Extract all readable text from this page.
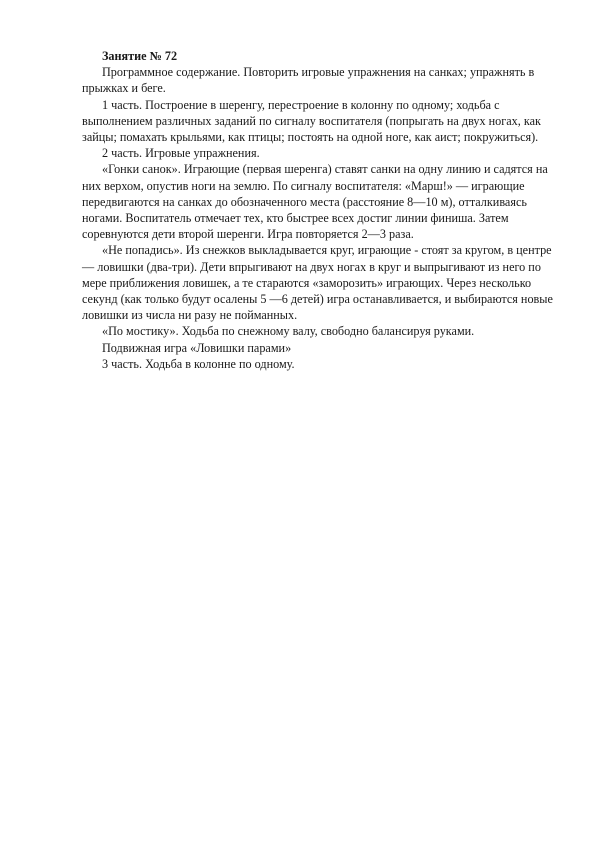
Занятие № 72

Программное содержание. Повторить игровые упражнения на санках; упражнять в прыжках и беге.

1 часть. Построение в шеренгу, перестроение в колонну по одному; ходьба с выполнением различных заданий по сигналу воспитателя (попрыгать на двух ногах, как зайцы; помахать крыльями, как птицы; постоять на одной ноге, как аист; покружиться).

2 часть. Игровые упражнения.

«Гонки санок». Играющие (первая шеренга) ставят санки на одну линию и садятся на них верхом, опустив ноги на землю. По сигналу воспитателя: «Марш!» — играющие передвигаются на санках до обозначенного места (расстояние 8—10 м), отталкиваясь ногами. Воспитатель отмечает тех, кто быстрее всех достиг линии финиша. Затем соревнуются дети второй шеренги. Игра повторяется 2—3 раза.

«Не попадись». Из снежков выкладывается круг, играющие - стоят за кругом, в центре — ловишки (два-три). Дети впрыгивают на двух ногах в круг и выпрыгивают из него по мере приближения ловишек, а те стараются «заморозить» играющих. Через несколько секунд (как только будут осалены 5 —6 детей) игра останавливается, и выбираются новые ловишки из числа ни разу не пойманных.

«По мостику». Ходьба по снежному валу, свободно балансируя руками.

Подвижная игра «Ловишки парами»

3 часть. Ходьба в колонне по одному.
